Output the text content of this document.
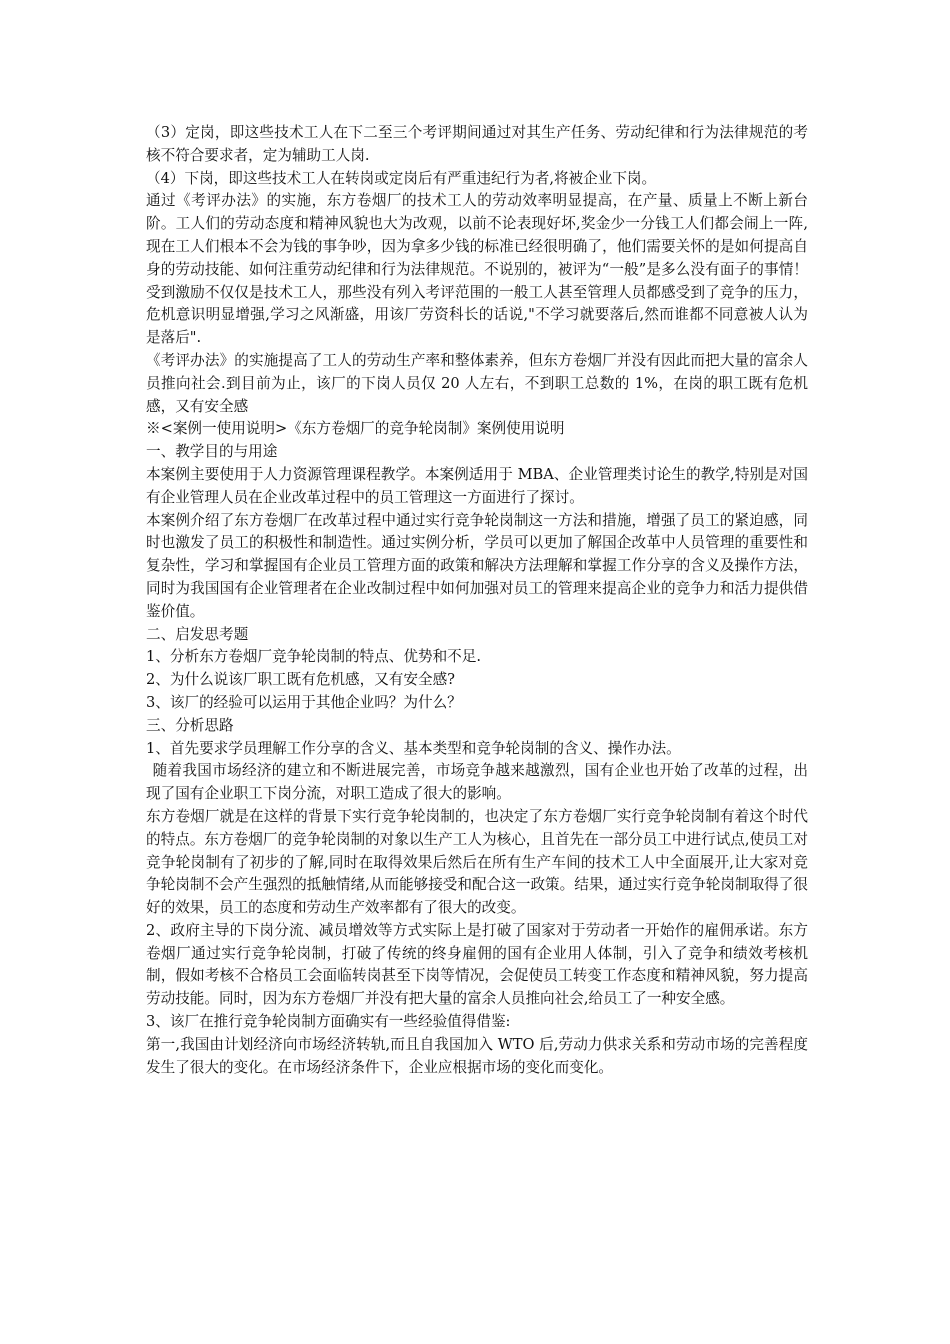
（3）定岗，即这些技术工人在下二至三个考评期间通过对其生产任务、劳动纪律和行为法律规范的考核不符合要求者，定为辅助工人岗.

（4）下岗，即这些技术工人在转岗或定岗后有严重违纪行为者,将被企业下岗。

通过《考评办法》的实施，东方卷烟厂的技术工人的劳动效率明显提高，在产量、质量上不断上新台阶。工人们的劳动态度和精神风貌也大为改观，以前不论表现好坏,奖金少一分钱工人们都会闹上一阵,现在工人们根本不会为钱的事争吵，因为拿多少钱的标准已经很明确了，他们需要关怀的是如何提高自身的劳动技能、如何注重劳动纪律和行为法律规范。不说别的，被评为“一般”是多么没有面子的事情！受到激励不仅仅是技术工人，那些没有列入考评范围的一般工人甚至管理人员都感受到了竞争的压力，危机意识明显增强,学习之风渐盛，用该厂劳资科长的话说,"不学习就要落后,然而谁都不同意被人认为是落后".

《考评办法》的实施提高了工人的劳动生产率和整体素养，但东方卷烟厂并没有因此而把大量的富余人员推向社会.到目前为止，该厂的下岗人员仅 20 人左右，不到职工总数的 1%，在岗的职工既有危机感，又有安全感

※<案例一使用说明>《东方卷烟厂的竞争轮岗制》案例使用说明

一、教学目的与用途

本案例主要使用于人力资源管理课程教学。本案例适用于 MBA、企业管理类讨论生的教学,特别是对国有企业管理人员在企业改革过程中的员工管理这一方面进行了探讨。

本案例介绍了东方卷烟厂在改革过程中通过实行竞争轮岗制这一方法和措施，增强了员工的紧迫感，同时也激发了员工的积极性和制造性。通过实例分析，学员可以更加了解国企改革中人员管理的重要性和复杂性，学习和掌握国有企业员工管理方面的政策和解决方法理解和掌握工作分享的含义及操作方法，同时为我国国有企业管理者在企业改制过程中如何加强对员工的管理来提高企业的竞争力和活力提供借鉴价值。

二、启发思考题

1、分析东方卷烟厂竞争轮岗制的特点、优势和不足.

2、为什么说该厂职工既有危机感，又有安全感?

3、该厂的经验可以运用于其他企业吗？为什么？

三、分析思路

1、首先要求学员理解工作分享的含义、基本类型和竞争轮岗制的含义、操作办法。

随着我国市场经济的建立和不断进展完善，市场竞争越来越激烈，国有企业也开始了改革的过程，出现了国有企业职工下岗分流，对职工造成了很大的影响。

东方卷烟厂就是在这样的背景下实行竞争轮岗制的，也决定了东方卷烟厂实行竞争轮岗制有着这个时代的特点。东方卷烟厂的竞争轮岗制的对象以生产工人为核心，且首先在一部分员工中进行试点,使员工对竞争轮岗制有了初步的了解,同时在取得效果后然后在所有生产车间的技术工人中全面展开,让大家对竞争轮岗制不会产生强烈的抵触情绪,从而能够接受和配合这一政策。结果，通过实行竞争轮岗制取得了很好的效果，员工的态度和劳动生产效率都有了很大的改变。

2、政府主导的下岗分流、减员增效等方式实际上是打破了国家对于劳动者一开始作的雇佣承诺。东方卷烟厂通过实行竞争轮岗制，打破了传统的终身雇佣的国有企业用人体制，引入了竞争和绩效考核机制，假如考核不合格员工会面临转岗甚至下岗等情况，会促使员工转变工作态度和精神风貌，努力提高劳动技能。同时，因为东方卷烟厂并没有把大量的富余人员推向社会,给员工了一种安全感。

3、该厂在推行竞争轮岗制方面确实有一些经验值得借鉴:

第一,我国由计划经济向市场经济转轨,而且自我国加入 WTO 后,劳动力供求关系和劳动市场的完善程度发生了很大的变化。在市场经济条件下，企业应根据市场的变化而变化。
